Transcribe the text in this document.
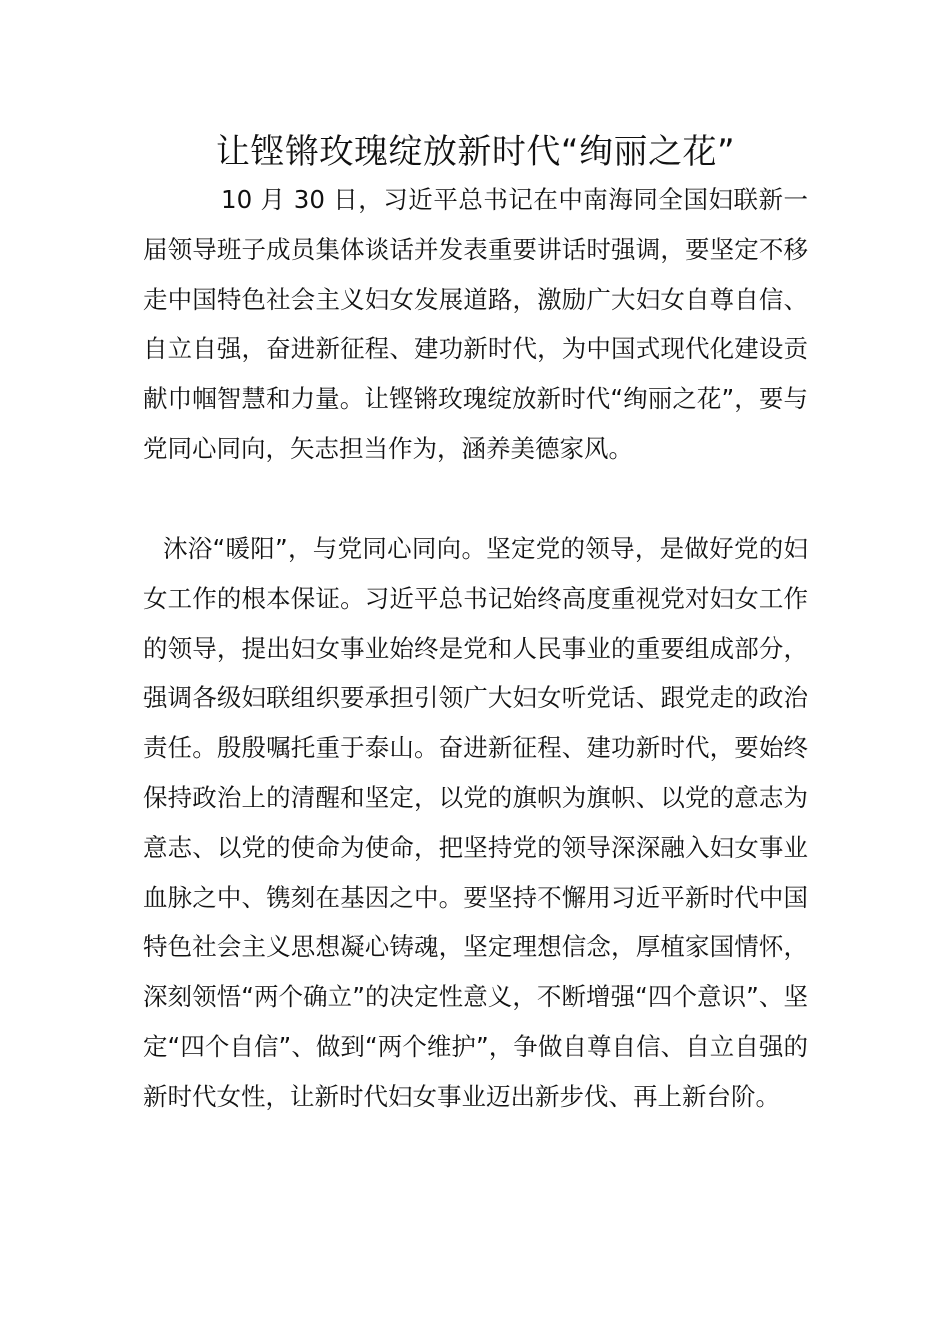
让铿锵玫瑰绽放新时代“绚丽之花”

10 月 30 日，习近平总书记在中南海同全国妇联新一届领导班子成员集体谈话并发表重要讲话时强调，要坚定不移走中国特色社会主义妇女发展道路，激励广大妇女自尊自信、自立自强，奋进新征程、建功新时代，为中国式现代化建设贡献巾帼智慧和力量。让铿锵玫瑰绽放新时代“绚丽之花”，要与党同心同向，矢志担当作为，涵养美德家风。

沐浴“暖阳”，与党同心同向。坚定党的领导，是做好党的妇女工作的根本保证。习近平总书记始终高度重视党对妇女工作的领导，提出妇女事业始终是党和人民事业的重要组成部分，强调各级妇联组织要承担引领广大妇女听党话、跟党走的政治责任。殷殷嘱托重于泰山。奋进新征程、建功新时代，要始终保持政治上的清醒和坚定，以党的旗帜为旗帜、以党的意志为意志、以党的使命为使命，把坚持党的领导深深融入妇女事业血脉之中、镌刻在基因之中。要坚持不懈用习近平新时代中国特色社会主义思想凝心铸魂，坚定理想信念，厚植家国情怀，深刻领悟“两个确立”的决定性意义，不断增强“四个意识”、坚定“四个自信”、做到“两个维护”，争做自尊自信、自立自强的新时代女性，让新时代妇女事业迈出新步伐、再上新台阶。
